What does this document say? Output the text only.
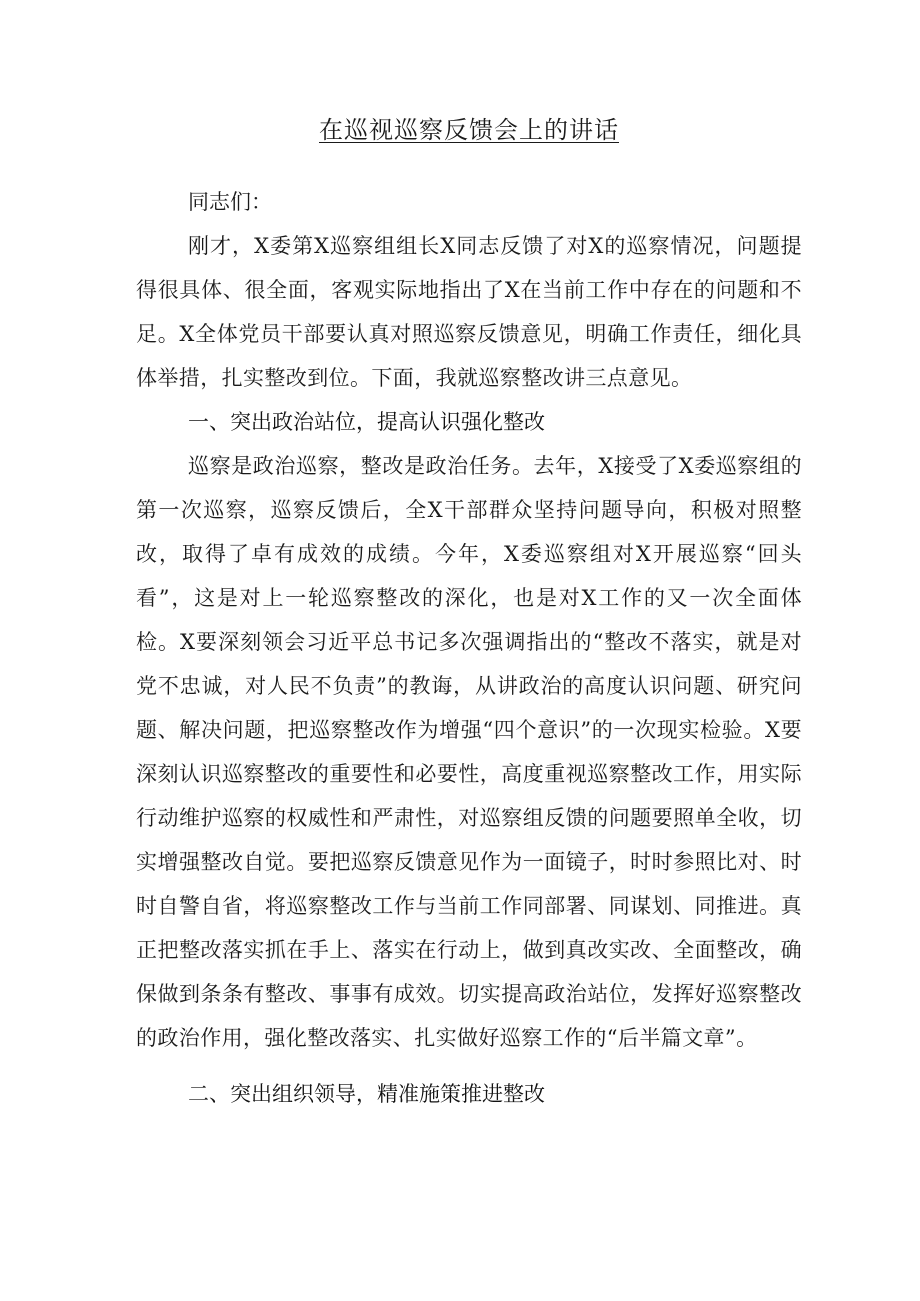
在巡视巡察反馈会上的讲话

同志们：

刚才，X委第X巡察组组长X同志反馈了对X的巡察情况，问题提得很具体、很全面，客观实际地指出了X在当前工作中存在的问题和不足。X全体党员干部要认真对照巡察反馈意见，明确工作责任，细化具体举措，扎实整改到位。下面，我就巡察整改讲三点意见。

一、突出政治站位，提高认识强化整改

巡察是政治巡察，整改是政治任务。去年，X接受了X委巡察组的第一次巡察，巡察反馈后，全X干部群众坚持问题导向，积极对照整改，取得了卓有成效的成绩。今年，X委巡察组对X开展巡察“回头看”，这是对上一轮巡察整改的深化，也是对X工作的又一次全面体检。X要深刻领会习近平总书记多次强调指出的“整改不落实，就是对党不忠诚，对人民不负责”的教诲，从讲政治的高度认识问题、研究问题、解决问题，把巡察整改作为增强“四个意识”的一次现实检验。X要深刻认识巡察整改的重要性和必要性，高度重视巡察整改工作，用实际行动维护巡察的权威性和严肃性，对巡察组反馈的问题要照单全收，切实增强整改自觉。要把巡察反馈意见作为一面镜子，时时参照比对、时时自警自省，将巡察整改工作与当前工作同部署、同谋划、同推进。真正把整改落实抓在手上、落实在行动上，做到真改实改、全面整改，确保做到条条有整改、事事有成效。切实提高政治站位，发挥好巡察整改的政治作用，强化整改落实、扎实做好巡察工作的“后半篇文章”。

二、突出组织领导，精准施策推进整改
